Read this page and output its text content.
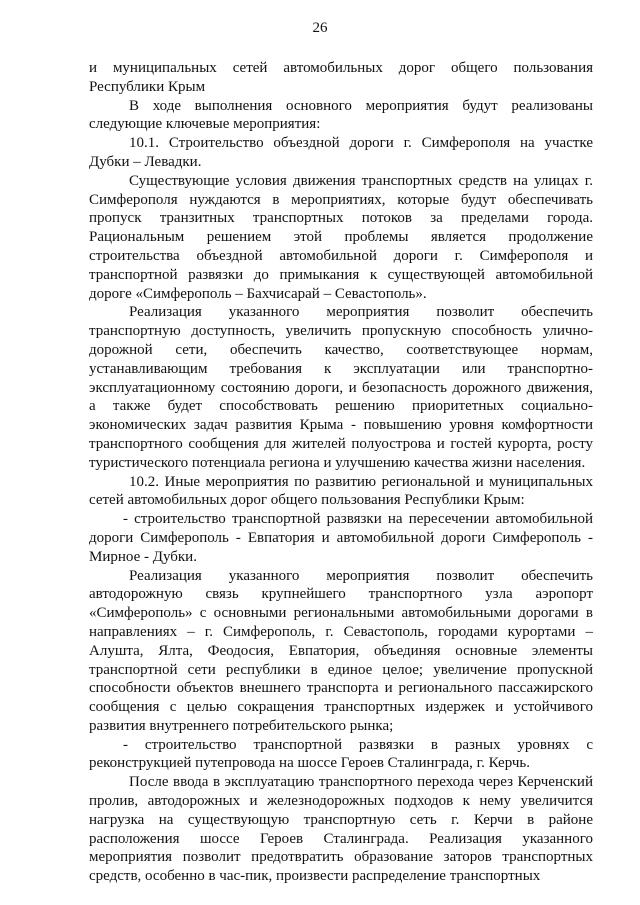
26

и муниципальных сетей автомобильных дорог общего пользования Республики Крым

В ходе выполнения основного мероприятия будут реализованы следующие ключевые мероприятия:

10.1. Строительство объездной дороги г. Симферополя на участке Дубки – Левадки.

Существующие условия движения транспортных средств на улицах г. Симферополя нуждаются в мероприятиях, которые будут обеспечивать пропуск транзитных транспортных потоков за пределами города. Рациональным решением этой проблемы является продолжение строительства объездной автомобильной дороги г. Симферополя и транспортной развязки до примыкания к существующей автомобильной дороге «Симферополь – Бахчисарай – Севастополь».

Реализация указанного мероприятия позволит обеспечить транспортную доступность, увеличить пропускную способность улично-дорожной сети, обеспечить качество, соответствующее нормам, устанавливающим требования к эксплуатации или транспортно-эксплуатационному состоянию дороги, и безопасность дорожного движения, а также будет способствовать решению приоритетных социально-экономических задач развития Крыма - повышению уровня комфортности транспортного сообщения для жителей полуострова и гостей курорта, росту туристического потенциала региона и улучшению качества жизни населения.

10.2. Иные мероприятия по развитию региональной и муниципальных сетей автомобильных дорог общего пользования Республики Крым:

- строительство транспортной развязки на пересечении автомобильной дороги Симферополь - Евпатория и автомобильной дороги Симферополь - Мирное - Дубки.

Реализация указанного мероприятия позволит обеспечить автодорожную связь крупнейшего транспортного узла аэропорт «Симферополь» с основными региональными автомобильными дорогами в направлениях – г. Симферополь, г. Севастополь, городами курортами – Алушта, Ялта, Феодосия, Евпатория, объединяя основные элементы транспортной сети республики в единое целое; увеличение пропускной способности объектов внешнего транспорта и регионального пассажирского сообщения с целью сокращения транспортных издержек и устойчивого развития внутреннего потребительского рынка;

- строительство транспортной развязки в разных уровнях с реконструкцией путепровода на шоссе Героев Сталинграда, г. Керчь.

После ввода в эксплуатацию транспортного перехода через Керченский пролив, автодорожных и железнодорожных подходов к нему увеличится нагрузка на существующую транспортную сеть г. Керчи в районе расположения шоссе Героев Сталинграда. Реализация указанного мероприятия позволит предотвратить образование заторов транспортных средств, особенно в час-пик, произвести распределение транспортных
